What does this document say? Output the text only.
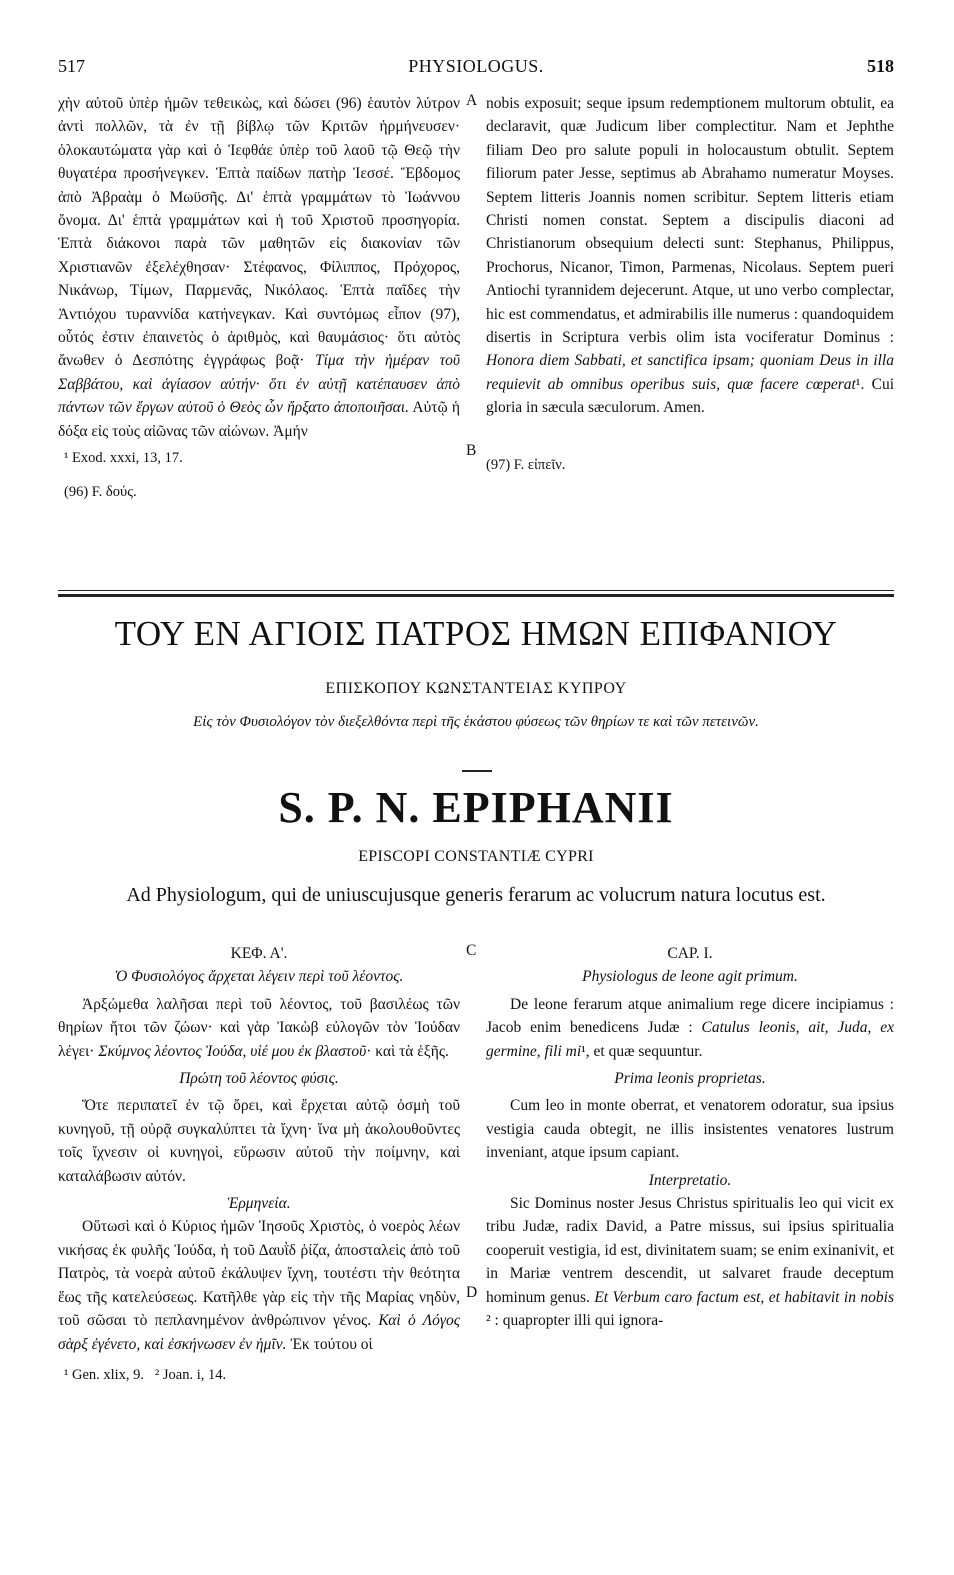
517	PHYSIOLOGUS.	518

χὴν αὐτοῦ ὑπὲρ ἡμῶν τεθεικὼς, καὶ δώσει (96) ἑαυτὸν λύτρον ἀντὶ πολλῶν, τὰ ἐν τῇ βίβλῳ τῶν Κριτῶν ἡρμήνευσεν· ὁλοκαυτώματα γὰρ καὶ ὁ Ἰεφθάε ὑπὲρ τοῦ λαοῦ τῷ Θεῷ τὴν θυγατέρα προσήνεγκεν. Ἑπτὰ παίδων πατὴρ Ἰεσσέ. Ἕβδομος ἀπὸ Ἀβραὰμ ὁ Μωϋσῆς. Δι' ἑπτὰ γραμμάτων τὸ Ἰωάννου ὄνομα. Δι' ἑπτὰ γραμμάτων καὶ ἡ τοῦ Χριστοῦ προσηγορία. Ἑπτὰ διάκονοι παρὰ τῶν μαθητῶν εἰς διακονίαν τῶν Χριστιανῶν ἐξελέχθησαν· Στέφανος, Φίλιππος, Πρόχορος, Νικάνωρ, Τίμων, Παρμενᾶς, Νικόλαος. Ἑπτὰ παῖδες τὴν Ἀντιόχου τυραννίδα κατήνεγκαν. Καὶ συντόμως εἶπον (97), οὗτός ἐστιν ἐπαινετὸς ὁ ἀριθμὸς, καὶ θαυμάσιος· ὅτι αὐτὸς ἄνωθεν ὁ Δεσπότης ἐγγράφως βοᾷ· Τίμα τὴν ἡμέραν τοῦ Σαββάτου, καὶ ἁγίασον αὐτήν· ὅτι ἐν αὐτῇ κατέπαυσεν ἀπὸ πάντων τῶν ἔργων αὐτοῦ ὁ Θεὸς ὧν ἤρξατο ἀποποιῆσαι. Αὐτῷ ἡ δόξα εἰς τοὺς αἰῶνας τῶν αἰώνων. Ἀμήν

¹ Exod. xxxi, 13, 17.

(96) F. δούς.

A
B

nobis exposuit; seque ipsum redemptionem multorum obtulit, ea declaravit, quæ Judicum liber complectitur. Nam et Jephthe filiam Deo pro salute populi in holocaustum obtulit. Septem filiorum pater Jesse, septimus ab Abrahamo numeratur Moyses. Septem litteris Joannis nomen scribitur. Septem litteris etiam Christi nomen constat. Septem a discipulis diaconi ad Christianorum obsequium delecti sunt: Stephanus, Philippus, Prochorus, Nicanor, Timon, Parmenas, Nicolaus. Septem pueri Antiochi tyrannidem dejecerunt. Atque, ut uno verbo complectar, hic est commendatus, et admirabilis ille numerus : quandoquidem disertis in Scriptura verbis olim ista vociferatur Dominus : Honora diem Sabbati, et sanctifica ipsam; quoniam Deus in illa requievit ab omnibus operibus suis, quæ facere cœperat¹. Cui gloria in sæcula sæculorum. Amen.

(97) F. εἰπεῖν.

ΤΟΥ ΕΝ ΑΓΙΟΙΣ ΠΑΤΡΟΣ ΗΜΩΝ ΕΠΙΦΑΝΙΟΥ
ΕΠΙΣΚΟΠΟΥ ΚΩΝΣΤΑΝΤΕΙΑΣ ΚΥΠΡΟΥ
Εἰς τὸν Φυσιολόγον τὸν διεξελθόντα περὶ τῆς ἑκάστου φύσεως τῶν θηρίων τε καὶ τῶν πετεινῶν.
S. P. N. EPIPHANII
EPISCOPI CONSTANTIÆ CYPRI
Ad Physiologum, qui de uniuscujusque generis ferarum ac volucrum natura locutus est.

ΚΕΦ. Α'.

Ὁ Φυσιολόγος ἄρχεται λέγειν περὶ τοῦ λέοντος.

Ἀρξώμεθα λαλῆσαι περὶ τοῦ λέοντος, τοῦ βασιλέως τῶν θηρίων ἤτοι τῶν ζώων· καὶ γὰρ Ἰακὼβ εὐλογῶν τὸν Ἰούδαν λέγει· Σκύμνος λέοντος Ἰούδα, υἱέ μου ἐκ βλαστοῦ· καὶ τὰ ἑξῆς.

Πρώτη τοῦ λέοντος φύσις.

Ὅτε περιπατεῖ ἐν τῷ ὄρει, καὶ ἔρχεται αὐτῷ ὀσμὴ τοῦ κυνηγοῦ, τῇ οὐρᾷ συγκαλύπτει τὰ ἴχνη· ἵνα μὴ ἀκολουθοῦντες τοῖς ἴχνεσιν οἱ κυνηγοὶ, εὕρωσιν αὐτοῦ τὴν ποίμνην, καὶ καταλάβωσιν αὐτόν.

Ἑρμηνεία.

Οὕτωσὶ καὶ ὁ Κύριος ἡμῶν Ἰησοῦς Χριστὸς, ὁ νοερὸς λέων νικήσας ἐκ φυλῆς Ἰούδα, ἡ τοῦ Δαυῒδ ῥίζα, ἀποσταλεὶς ἀπὸ τοῦ Πατρὸς, τὰ νοερὰ αὐτοῦ ἐκάλυψεν ἴχνη, τουτέστι τὴν θεότητα ἕως τῆς κατελεύσεως. Κατῆλθε γὰρ εἰς τὴν τῆς Μαρίας νηδὺν, τοῦ σῶσαι τὸ πεπλανημένον ἀνθρώπινον γένος. Καὶ ὁ Λόγος σὰρξ ἐγένετο, καὶ ἐσκήνωσεν ἐν ἡμῖν. Ἐκ τούτου οἱ

¹ Gen. xlix, 9.   ² Joan. i, 14.

C
D

CAP. I.

Physiologus de leone agit primum.

De leone ferarum atque animalium rege dicere incipiamus : Jacob enim benedicens Judæ : Catulus leonis, ait, Juda, ex germine, fili mi¹, et quæ sequuntur.

Prima leonis proprietas.

Cum leo in monte oberrat, et venatorem odoratur, sua ipsius vestigia cauda obtegit, ne illis insistentes venatores lustrum inveniant, atque ipsum capiant.

Interpretatio.

Sic Dominus noster Jesus Christus spiritualis leo qui vicit ex tribu Judæ, radix David, a Patre missus, sui ipsius spiritualia cooperuit vestigia, id est, divinitatem suam; se enim exinanivit, et in Mariæ ventrem descendit, ut salvaret fraude deceptum hominum genus. Et Verbum caro factum est, et habitavit in nobis ² : quapropter illi qui ignora-
